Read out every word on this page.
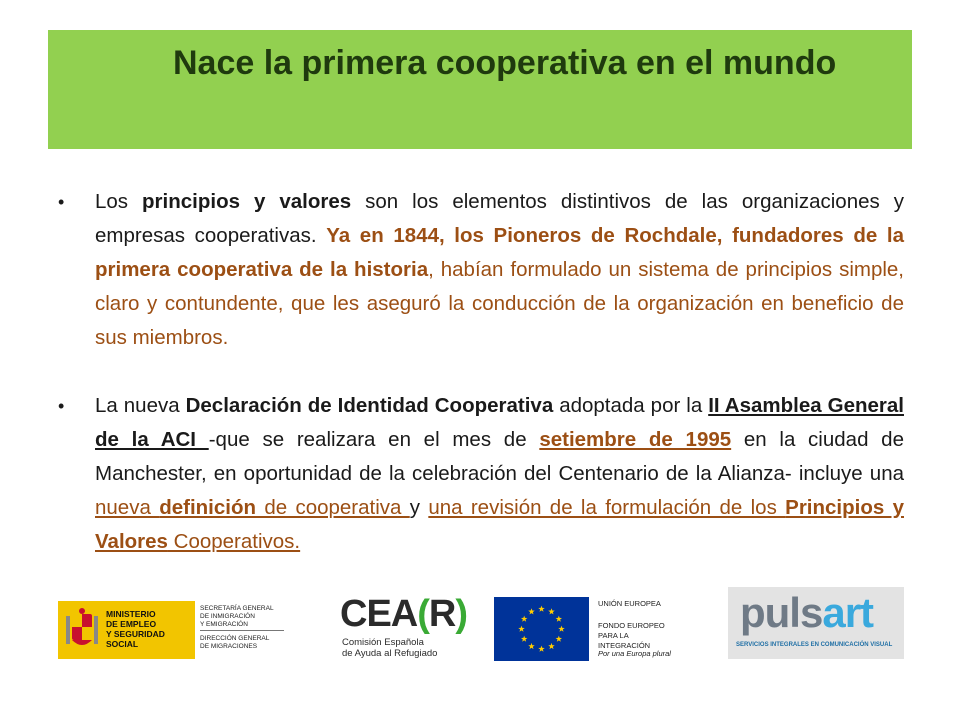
Nace la primera cooperativa en el mundo
• Los principios y valores son los elementos distintivos de las organizaciones y empresas cooperativas. Ya en 1844, los Pioneros de Rochdale, fundadores de la primera cooperativa de la historia, habían formulado un sistema de principios simple, claro y contundente, que les aseguró la conducción de la organización en beneficio de sus miembros.
• La nueva Declaración de Identidad Cooperativa adoptada por la II Asamblea General de la ACI -que se realizara en el mes de setiembre de 1995 en la ciudad de Manchester, en oportunidad de la celebración del Centenario de la Alianza- incluye una nueva definición de cooperativa y una revisión de la formulación de los Principios y Valores Cooperativos.
MINISTERIO
DE EMPLEO
Y SEGURIDAD SOCIAL
SECRETARÍA GENERAL
DE INMIGRACIÓN
Y EMIGRACIÓN
DIRECCIÓN GENERAL
DE MIGRACIONES
CEA(R)
Comisión Española
de Ayuda al Refugiado
UNIÓN EUROPEA
FONDO EUROPEO
PARA LA
INTEGRACIÓN
Por una Europa plural
pulsart
SERVICIOS INTEGRALES EN COMUNICACIÓN VISUAL
